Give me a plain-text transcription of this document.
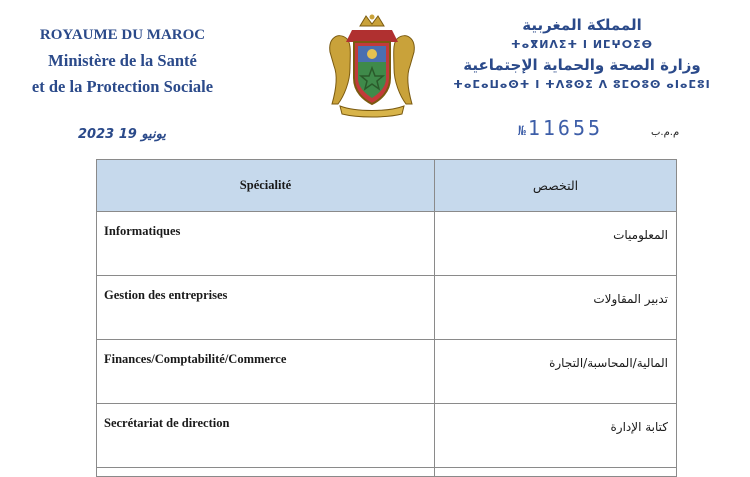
ROYAUME DU MAROC
Ministère de la Santé
et de la Protection Sociale
المملكة المغربية
ⵜⴰⴳⵍⴷⵉⵜ ⵏ ⵍⵎⵖⵔⵉⴱ
وزارة الصحة والحماية الإجتماعية
ⵜⴰⵎⴰⵡⴰⵙⵜ ⵏ ⵜⴷⵓⵙⵉ ⴷ ⵓⵎⵔⵓⵙ ⴰⵏⴰⵎⵓⵏ
2023 يونيو 19	№ 11655	م.م.ب
Spécialité	التخصص
Informatiques	المعلوميات
Gestion des entreprises	تدبير المقاولات
Finances/Comptabilité/Commerce	المالية/المحاسبة/التجارة
Secrétariat de direction	كتابة الإدارة
